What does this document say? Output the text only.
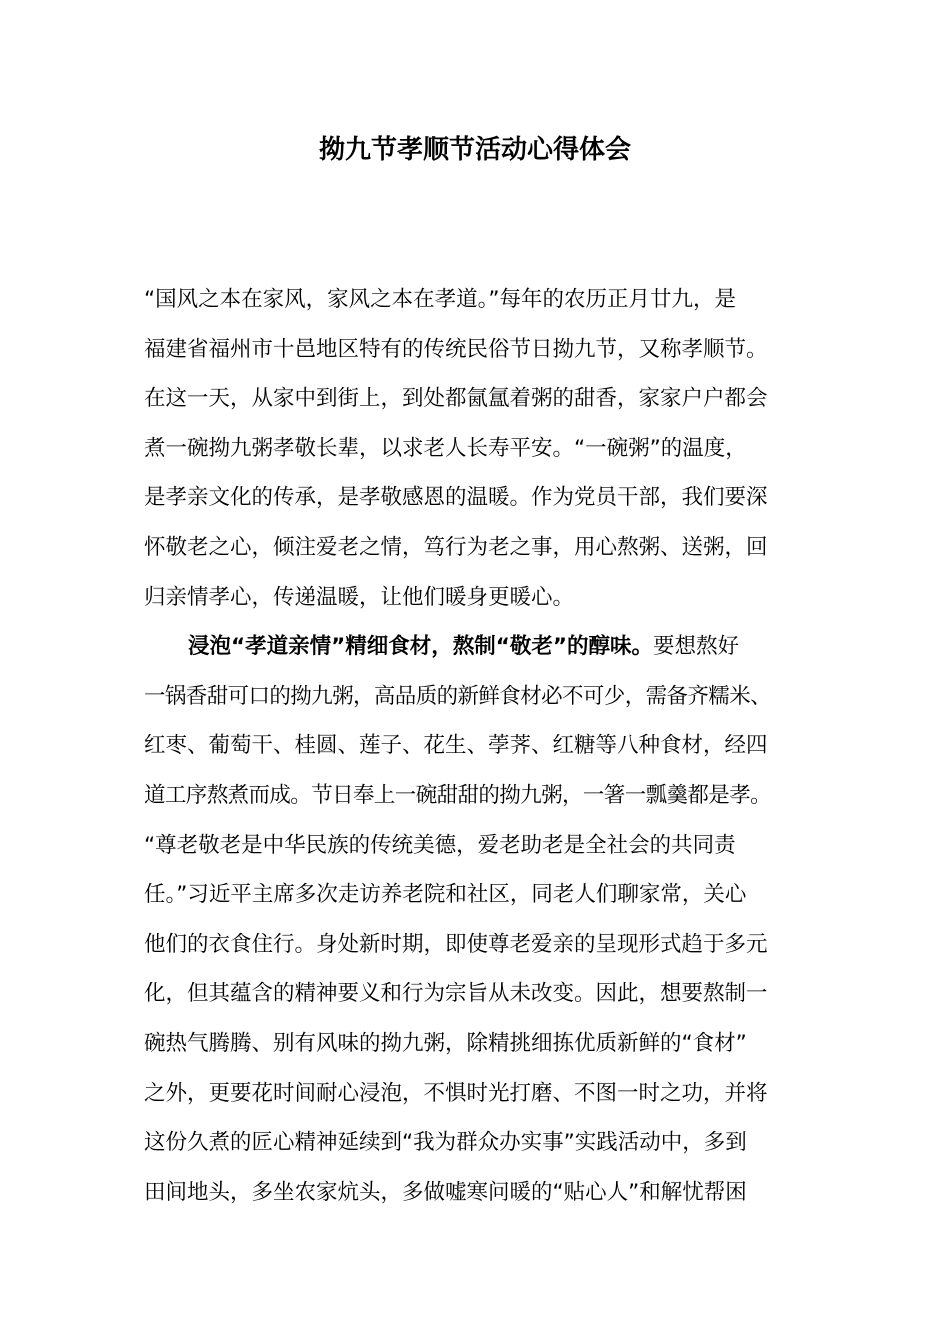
拗九节孝顺节活动心得体会
“国风之本在家风，家风之本在孝道。”每年的农历正月廿九，是
福建省福州市十邑地区特有的传统民俗节日拗九节，又称孝顺节。
在这一天，从家中到街上，到处都氤氲着粥的甜香，家家户户都会
煮一碗拗九粥孝敬长辈，以求老人长寿平安。“一碗粥”的温度，
是孝亲文化的传承，是孝敬感恩的温暖。作为党员干部，我们要深
怀敬老之心，倾注爱老之情，笃行为老之事，用心熬粥、送粥，回
归亲情孝心，传递温暖，让他们暖身更暖心。
浸泡“孝道亲情”精细食材，熬制“敬老”的醇味。要想熬好
一锅香甜可口的拗九粥，高品质的新鲜食材必不可少，需备齐糯米、
红枣、葡萄干、桂圆、莲子、花生、荸荠、红糖等八种食材，经四
道工序熬煮而成。节日奉上一碗甜甜的拗九粥，一箸一瓢羹都是孝。
“尊老敬老是中华民族的传统美德，爱老助老是全社会的共同责
任。”习近平主席多次走访养老院和社区，同老人们聊家常，关心
他们的衣食住行。身处新时期，即使尊老爱亲的呈现形式趋于多元
化，但其蕴含的精神要义和行为宗旨从未改变。因此，想要熬制一
碗热气腾腾、别有风味的拗九粥，除精挑细拣优质新鲜的“食材”
之外，更要花时间耐心浸泡，不惧时光打磨、不图一时之功，并将
这份久煮的匠心精神延续到“我为群众办实事”实践活动中，多到
田间地头，多坐农家炕头，多做嘘寒问暖的“贴心人”和解忧帮困
